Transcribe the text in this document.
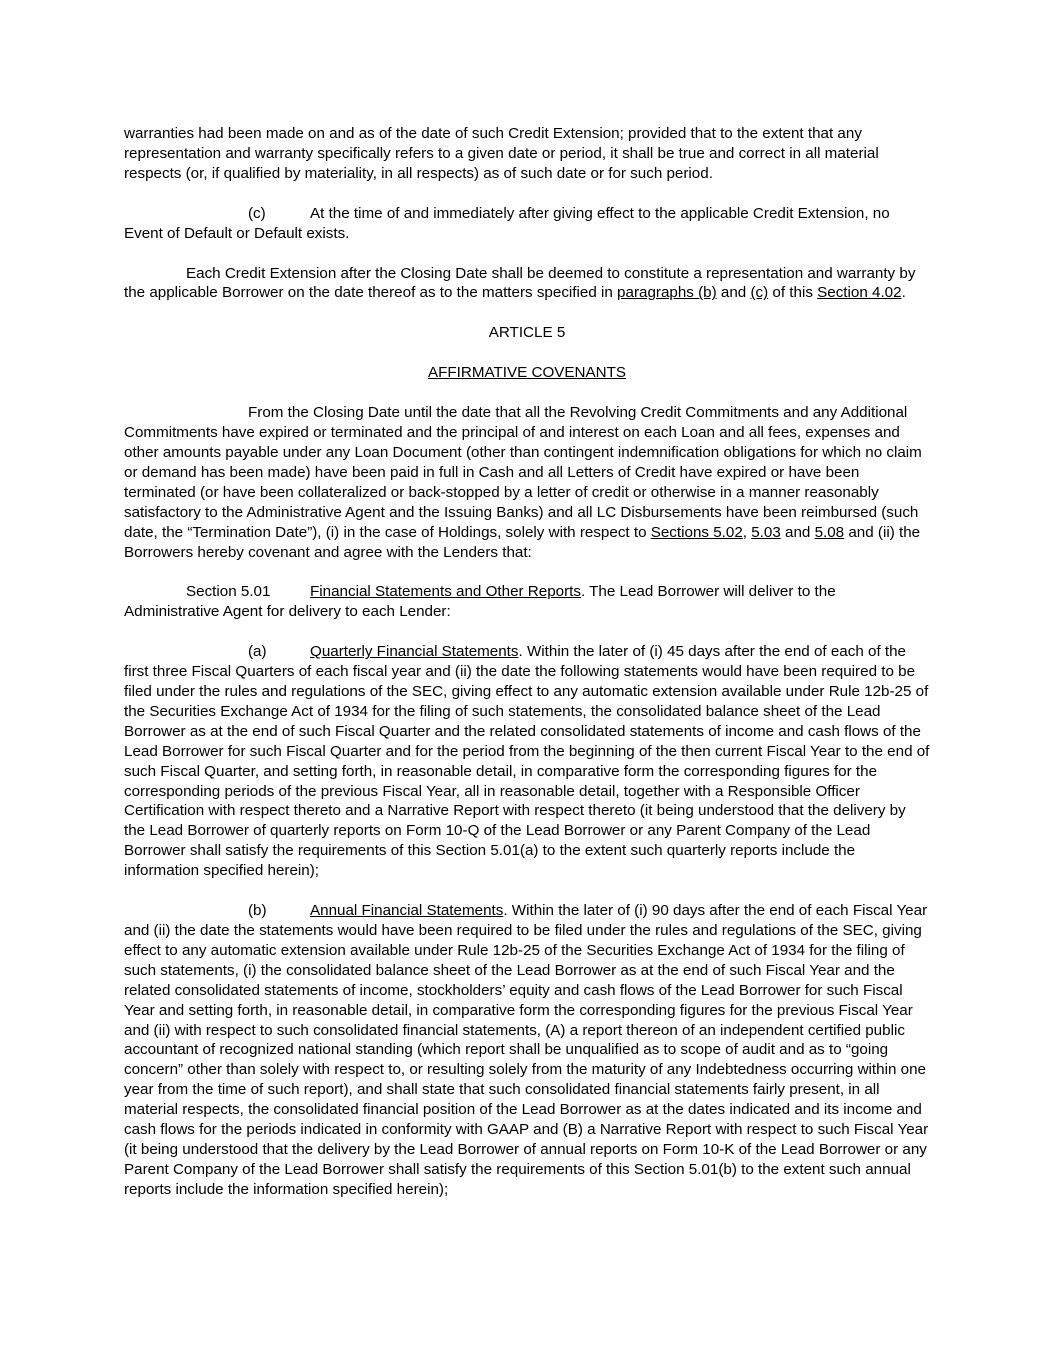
warranties had been made on and as of the date of such Credit Extension; provided that to the extent that any representation and warranty specifically refers to a given date or period, it shall be true and correct in all material respects (or, if qualified by materiality, in all respects) as of such date or for such period.

(c)	At the time of and immediately after giving effect to the applicable Credit Extension, no Event of Default or Default exists.

Each Credit Extension after the Closing Date shall be deemed to constitute a representation and warranty by the applicable Borrower on the date thereof as to the matters specified in paragraphs (b) and (c) of this Section 4.02.

ARTICLE 5

AFFIRMATIVE COVENANTS

From the Closing Date until the date that all the Revolving Credit Commitments and any Additional Commitments have expired or terminated and the principal of and interest on each Loan and all fees, expenses and other amounts payable under any Loan Document (other than contingent indemnification obligations for which no claim or demand has been made) have been paid in full in Cash and all Letters of Credit have expired or have been terminated (or have been collateralized or back-stopped by a letter of credit or otherwise in a manner reasonably satisfactory to the Administrative Agent and the Issuing Banks) and all LC Disbursements have been reimbursed (such date, the “Termination Date”), (i) in the case of Holdings, solely with respect to Sections 5.02, 5.03 and 5.08 and (ii) the Borrowers hereby covenant and agree with the Lenders that:

Section 5.01	Financial Statements and Other Reports. The Lead Borrower will deliver to the Administrative Agent for delivery to each Lender:

(a)	Quarterly Financial Statements. Within the later of (i) 45 days after the end of each of the first three Fiscal Quarters of each fiscal year and (ii) the date the following statements would have been required to be filed under the rules and regulations of the SEC, giving effect to any automatic extension available under Rule 12b-25 of the Securities Exchange Act of 1934 for the filing of such statements, the consolidated balance sheet of the Lead Borrower as at the end of such Fiscal Quarter and the related consolidated statements of income and cash flows of the Lead Borrower for such Fiscal Quarter and for the period from the beginning of the then current Fiscal Year to the end of such Fiscal Quarter, and setting forth, in reasonable detail, in comparative form the corresponding figures for the corresponding periods of the previous Fiscal Year, all in reasonable detail, together with a Responsible Officer Certification with respect thereto and a Narrative Report with respect thereto (it being understood that the delivery by the Lead Borrower of quarterly reports on Form 10-Q of the Lead Borrower or any Parent Company of the Lead Borrower shall satisfy the requirements of this Section 5.01(a) to the extent such quarterly reports include the information specified herein);

(b)	Annual Financial Statements. Within the later of (i) 90 days after the end of each Fiscal Year and (ii) the date the statements would have been required to be filed under the rules and regulations of the SEC, giving effect to any automatic extension available under Rule 12b-25 of the Securities Exchange Act of 1934 for the filing of such statements, (i) the consolidated balance sheet of the Lead Borrower as at the end of such Fiscal Year and the related consolidated statements of income, stockholders’ equity and cash flows of the Lead Borrower for such Fiscal Year and setting forth, in reasonable detail, in comparative form the corresponding figures for the previous Fiscal Year and (ii) with respect to such consolidated financial statements, (A) a report thereon of an independent certified public accountant of recognized national standing (which report shall be unqualified as to scope of audit and as to “going concern” other than solely with respect to, or resulting solely from the maturity of any Indebtedness occurring within one year from the time of such report), and shall state that such consolidated financial statements fairly present, in all material respects, the consolidated financial position of the Lead Borrower as at the dates indicated and its income and cash flows for the periods indicated in conformity with GAAP and (B) a Narrative Report with respect to such Fiscal Year (it being understood that the delivery by the Lead Borrower of annual reports on Form 10-K of the Lead Borrower or any Parent Company of the Lead Borrower shall satisfy the requirements of this Section 5.01(b) to the extent such annual reports include the information specified herein);
